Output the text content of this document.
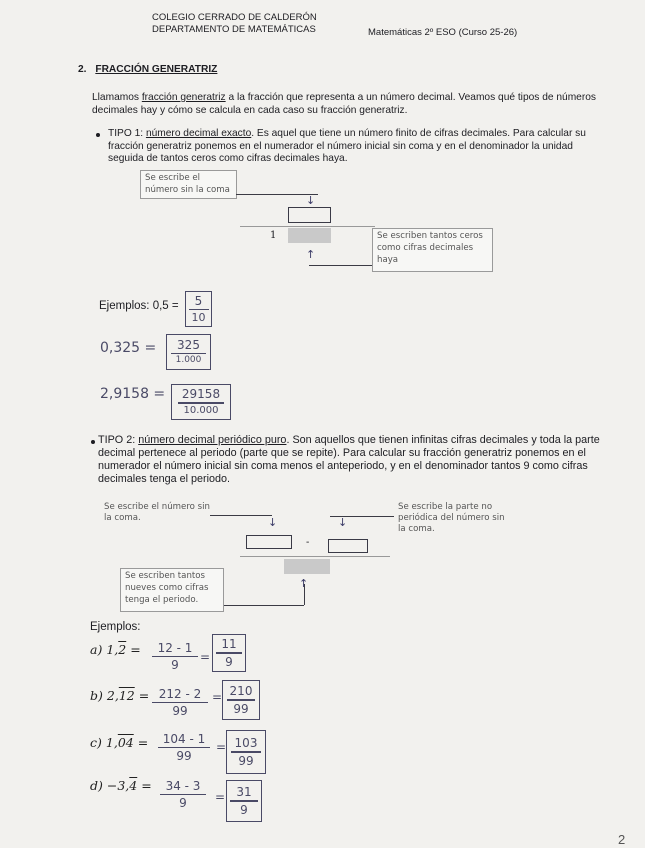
COLEGIO CERRADO DE CALDERÓN
DEPARTAMENTO DE MATEMÁTICAS	Matemáticas 2º ESO (Curso 25-26)
2. FRACCIÓN GENERATRIZ
Llamamos fracción generatriz a la fracción que representa a un número decimal. Veamos qué tipos de números decimales hay y cómo se calcula en cada caso su fracción generatriz.
TIPO 1: número decimal exacto. Es aquel que tiene un número finito de cifras decimales. Para calcular su fracción generatriz ponemos en el numerador el número inicial sin coma y en el denominador la unidad seguida de tantos ceros como cifras decimales haya.
Se escribe el número sin la coma
↓
1	Se escriben tantos ceros como cifras decimales haya
↑
Ejemplos: 0,5 = 5
10
0,325 = 325
1.000
2,9158 = 29158
10.000
TIPO 2: número decimal periódico puro. Son aquellos que tienen infinitas cifras decimales y toda la parte decimal pertenece al periodo (parte que se repite). Para calcular su fracción generatriz ponemos en el numerador el número inicial sin coma menos el anteperiodo, y en el denominador tantos 9 como cifras decimales tenga el periodo.
Se escribe el número sin la coma.	↓
-
↓
Se escribe la parte no periódica del número sin la coma.
Se escriben tantos nueves como cifras tenga el periodo.
↑
Ejemplos:
a) 1,2 = 12 - 1
9
=
11
9
b) 2,12 = 212 - 2
99
= 210
99
c) 1,04 = 104 - 1
99
= 103
99
d) −3,4 = 34 - 3
9 = 31
9
2
